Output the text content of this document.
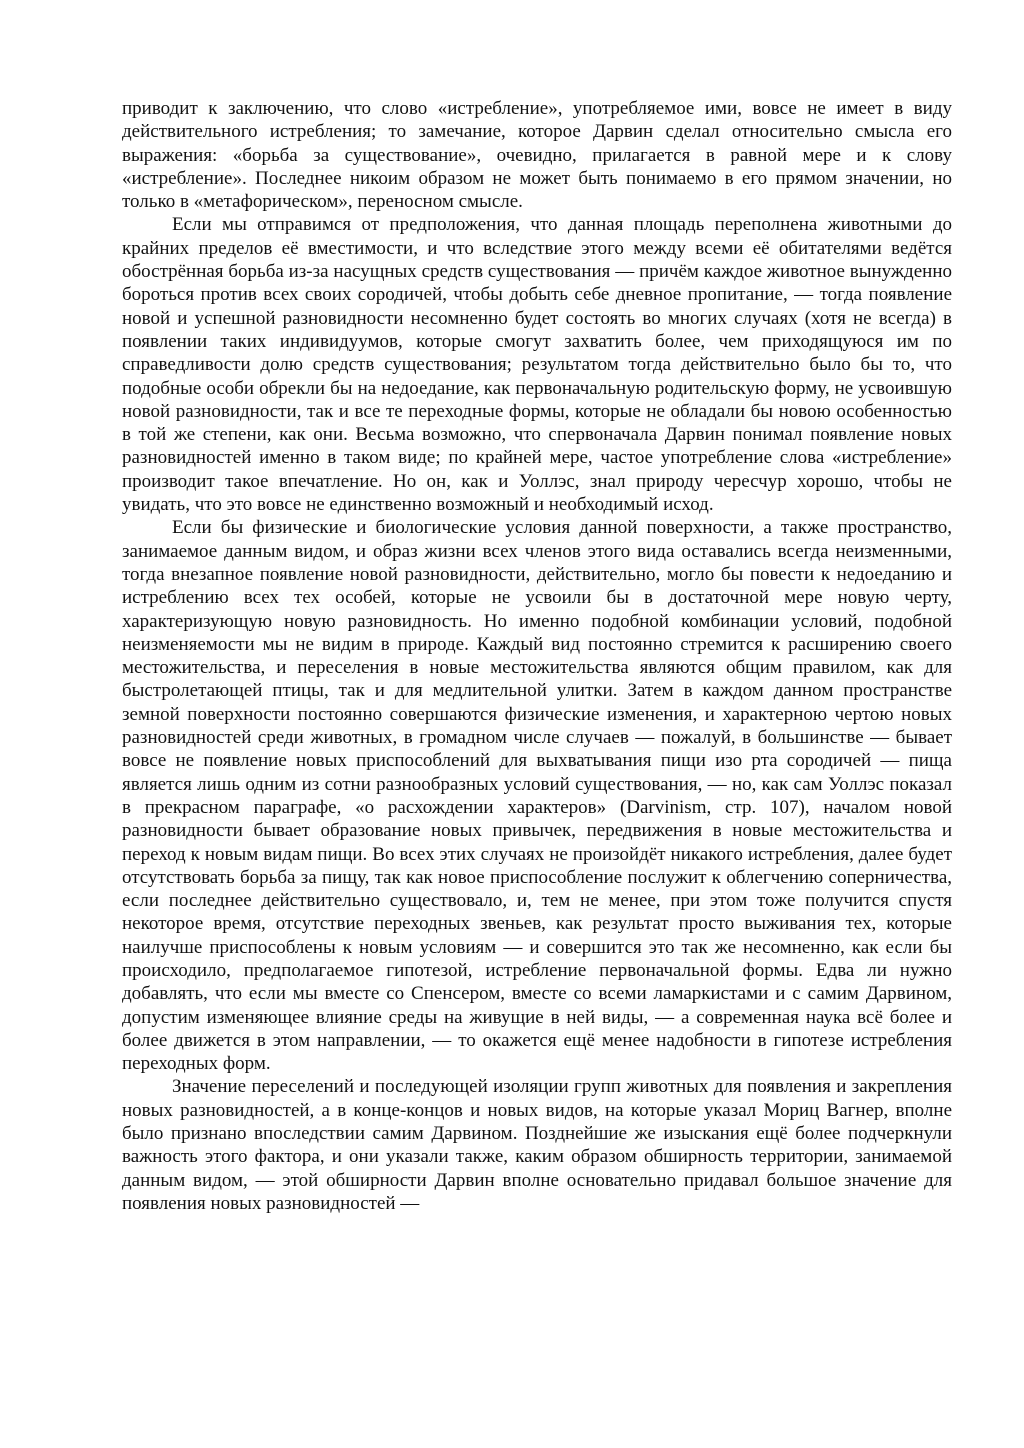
приводит к заключению, что слово «истребление», употребляемое ими, вовсе не имеет в виду действительного истребления; то замечание, которое Дарвин сделал относительно смысла его выражения: «борьба за существование», очевидно, прилагается в равной мере и к слову «истребление». Последнее никоим образом не может быть понимаемо в его прямом значении, но только в «метафорическом», переносном смысле.

Если мы отправимся от предположения, что данная площадь переполнена животными до крайних пределов её вместимости, и что вследствие этого между всеми её обитателями ведётся обострённая борьба из-за насущных средств существования — причём каждое животное вынужденно бороться против всех своих сородичей, чтобы добыть себе дневное пропитание, — тогда появление новой и успешной разновидности несомненно будет состоять во многих случаях (хотя не всегда) в появлении таких индивидуумов, которые смогут захватить более, чем приходящуюся им по справедливости долю средств существования; результатом тогда действительно было бы то, что подобные особи обрекли бы на недоедание, как первоначальную родительскую форму, не усвоившую новой разновидности, так и все те переходные формы, которые не обладали бы новою особенностью в той же степени, как они. Весьма возможно, что спервоначала Дарвин понимал появление новых разновидностей именно в таком виде; по крайней мере, частое употребление слова «истребление» производит такое впечатление. Но он, как и Уоллэс, знал природу чересчур хорошо, чтобы не увидать, что это вовсе не единственно возможный и необходимый исход.

Если бы физические и биологические условия данной поверхности, а также пространство, занимаемое данным видом, и образ жизни всех членов этого вида оставались всегда неизменными, тогда внезапное появление новой разновидности, действительно, могло бы повести к недоеданию и истреблению всех тех особей, которые не усвоили бы в достаточной мере новую черту, характеризующую новую разновидность. Но именно подобной комбинации условий, подобной неизменяемости мы не видим в природе. Каждый вид постоянно стремится к расширению своего местожительства, и переселения в новые местожительства являются общим правилом, как для быстролетающей птицы, так и для медлительной улитки. Затем в каждом данном пространстве земной поверхности постоянно совершаются физические изменения, и характерною чертою новых разновидностей среди животных, в громадном числе случаев — пожалуй, в большинстве — бывает вовсе не появление новых приспособлений для выхватывания пищи изо рта сородичей — пища является лишь одним из сотни разнообразных условий существования, — но, как сам Уоллэс показал в прекрасном параграфе, «о расхождении характеров» (Darvinism, стр. 107), началом новой разновидности бывает образование новых привычек, передвижения в новые местожительства и переход к новым видам пищи. Во всех этих случаях не произойдёт никакого истребления, далее будет отсутствовать борьба за пищу, так как новое приспособление послужит к облегчению соперничества, если последнее действительно существовало, и, тем не менее, при этом тоже получится спустя некоторое время, отсутствие переходных звеньев, как результат просто выживания тех, которые наилучше приспособлены к новым условиям — и совершится это так же несомненно, как если бы происходило, предполагаемое гипотезой, истребление первоначальной формы. Едва ли нужно добавлять, что если мы вместе со Спенсером, вместе со всеми ламаркистами и с самим Дарвином, допустим изменяющее влияние среды на живущие в ней виды, — а современная наука всё более и более движется в этом направлении, — то окажется ещё менее надобности в гипотезе истребления переходных форм.

Значение переселений и последующей изоляции групп животных для появления и закрепления новых разновидностей, а в конце-концов и новых видов, на которые указал Мориц Вагнер, вполне было признано впоследствии самим Дарвином. Позднейшие же изыскания ещё более подчеркнули важность этого фактора, и они указали также, каким образом обширность территории, занимаемой данным видом, — этой обширности Дарвин вполне основательно придавал большое значение для появления новых разновидностей —
